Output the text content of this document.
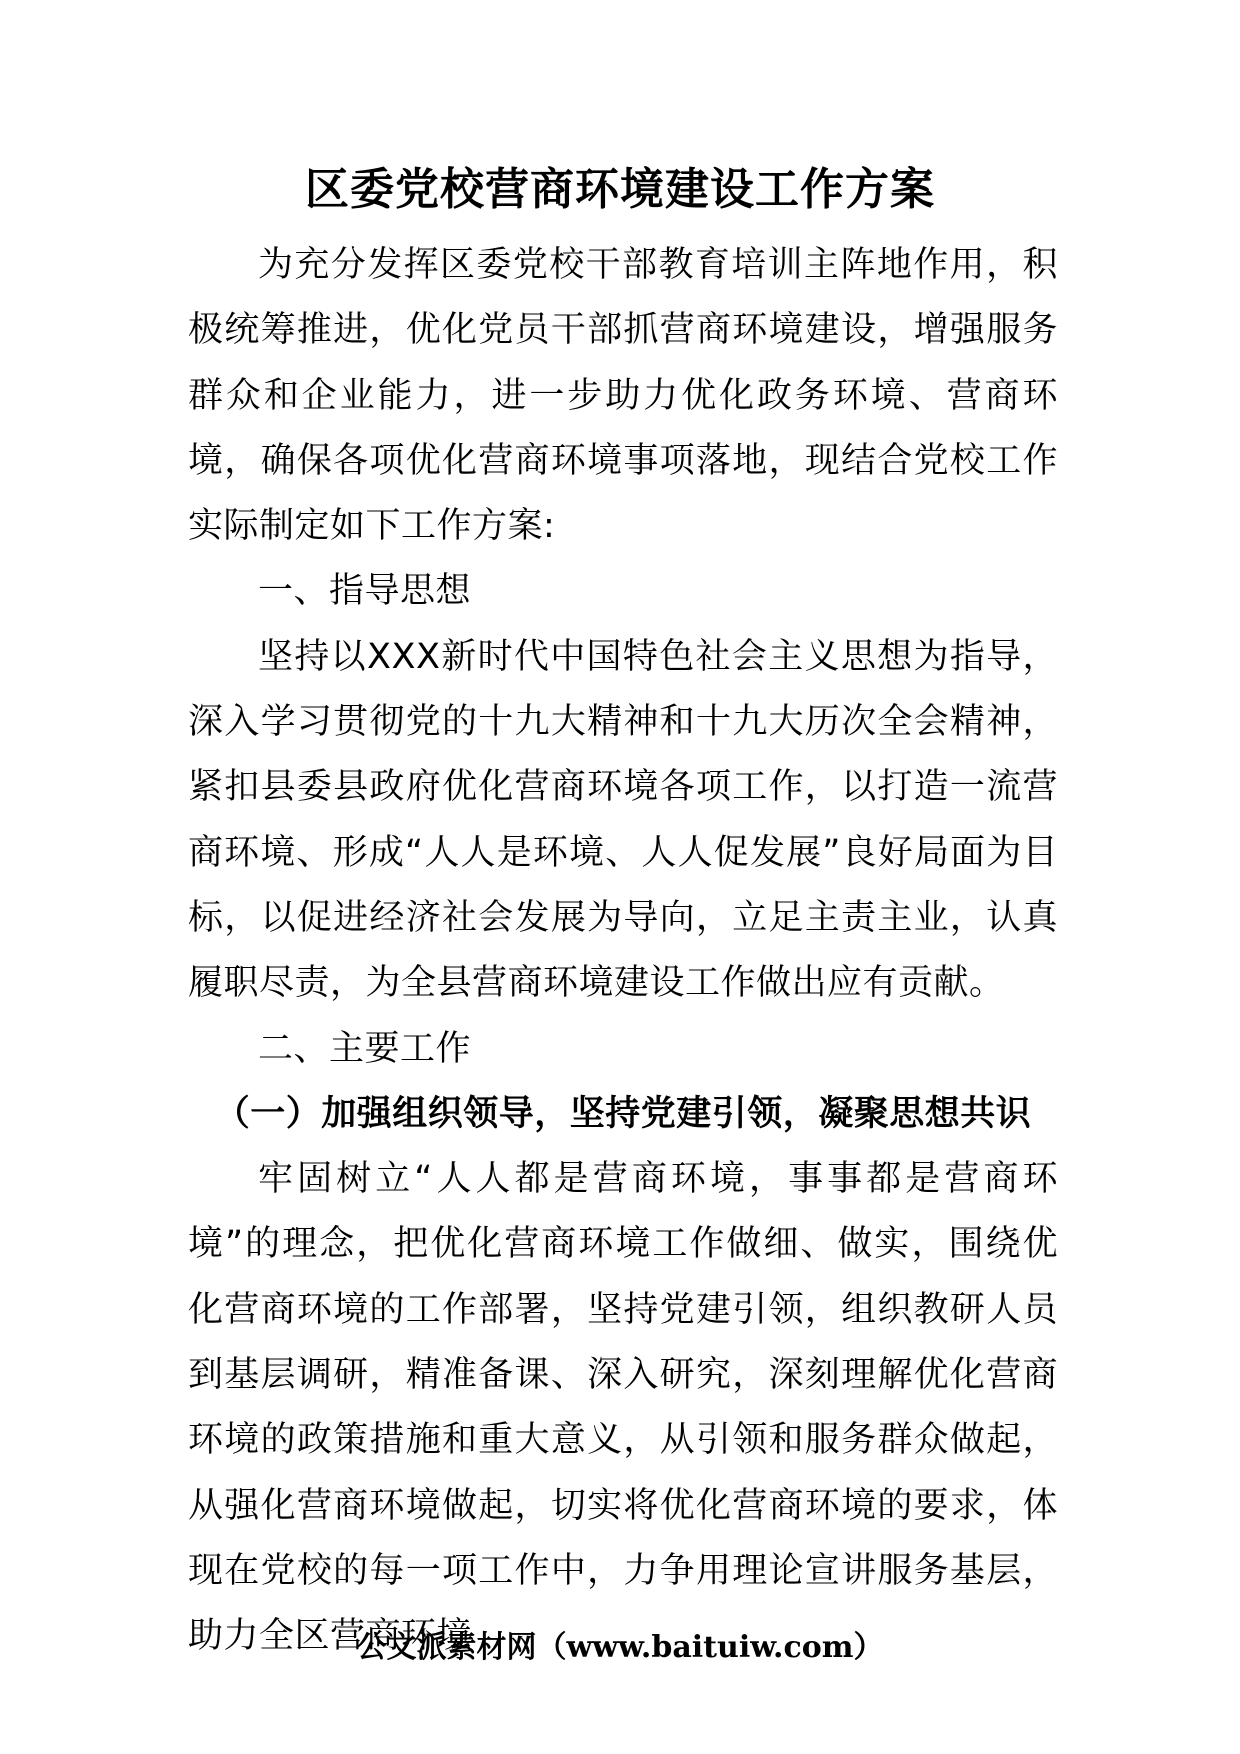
区委党校营商环境建设工作方案

为充分发挥区委党校干部教育培训主阵地作用，积极统筹推进，优化党员干部抓营商环境建设，增强服务群众和企业能力，进一步助力优化政务环境、营商环境，确保各项优化营商环境事项落地，现结合党校工作实际制定如下工作方案:

一、指导思想

坚持以XXX新时代中国特色社会主义思想为指导，深入学习贯彻党的十九大精神和十九大历次全会精神，紧扣县委县政府优化营商环境各项工作，以打造一流营商环境、形成“人人是环境、人人促发展”良好局面为目标，以促进经济社会发展为导向，立足主责主业，认真履职尽责，为全县营商环境建设工作做出应有贡献。

二、主要工作

（一）加强组织领导，坚持党建引领，凝聚思想共识

牢固树立“人人都是营商环境，事事都是营商环境”的理念，把优化营商环境工作做细、做实，围绕优化营商环境的工作部署，坚持党建引领，组织教研人员到基层调研，精准备课、深入研究，深刻理解优化营商环境的政策措施和重大意义，从引领和服务群众做起，从强化营商环境做起，切实将优化营商环境的要求，体现在党校的每一项工作中，力争用理论宣讲服务基层，助力全区营商环境

公文派素材网（www.baituiw.com）
